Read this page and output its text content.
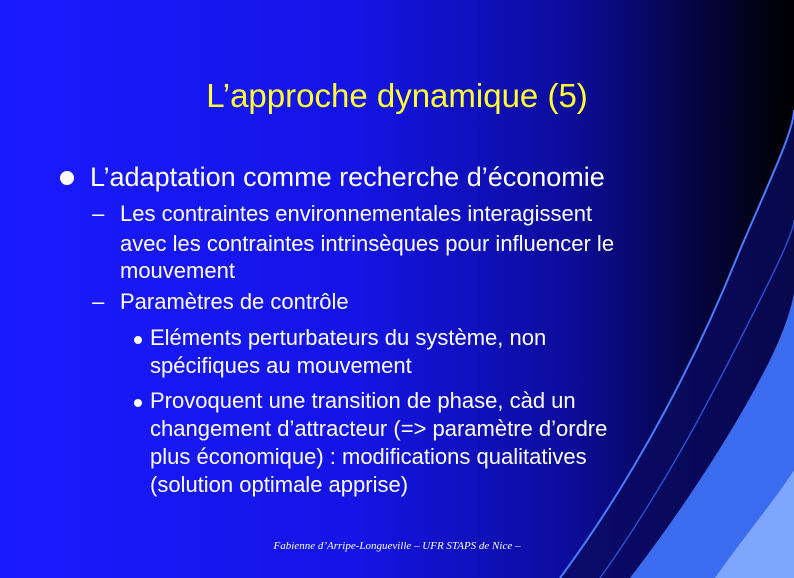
L’approche dynamique (5)
L’adaptation comme recherche d’économie
– Les contraintes environnementales interagissent
avec les contraintes intrinsèques pour influencer le
mouvement
– Paramètres de contrôle
Eléments perturbateurs du système, non
spécifiques au mouvement
Provoquent une transition de phase, càd un
changement d’attracteur (=> paramètre d’ordre
plus économique) : modifications qualitatives
(solution optimale apprise)
Fabienne d’Arripe-Longueville – UFR STAPS de Nice –
